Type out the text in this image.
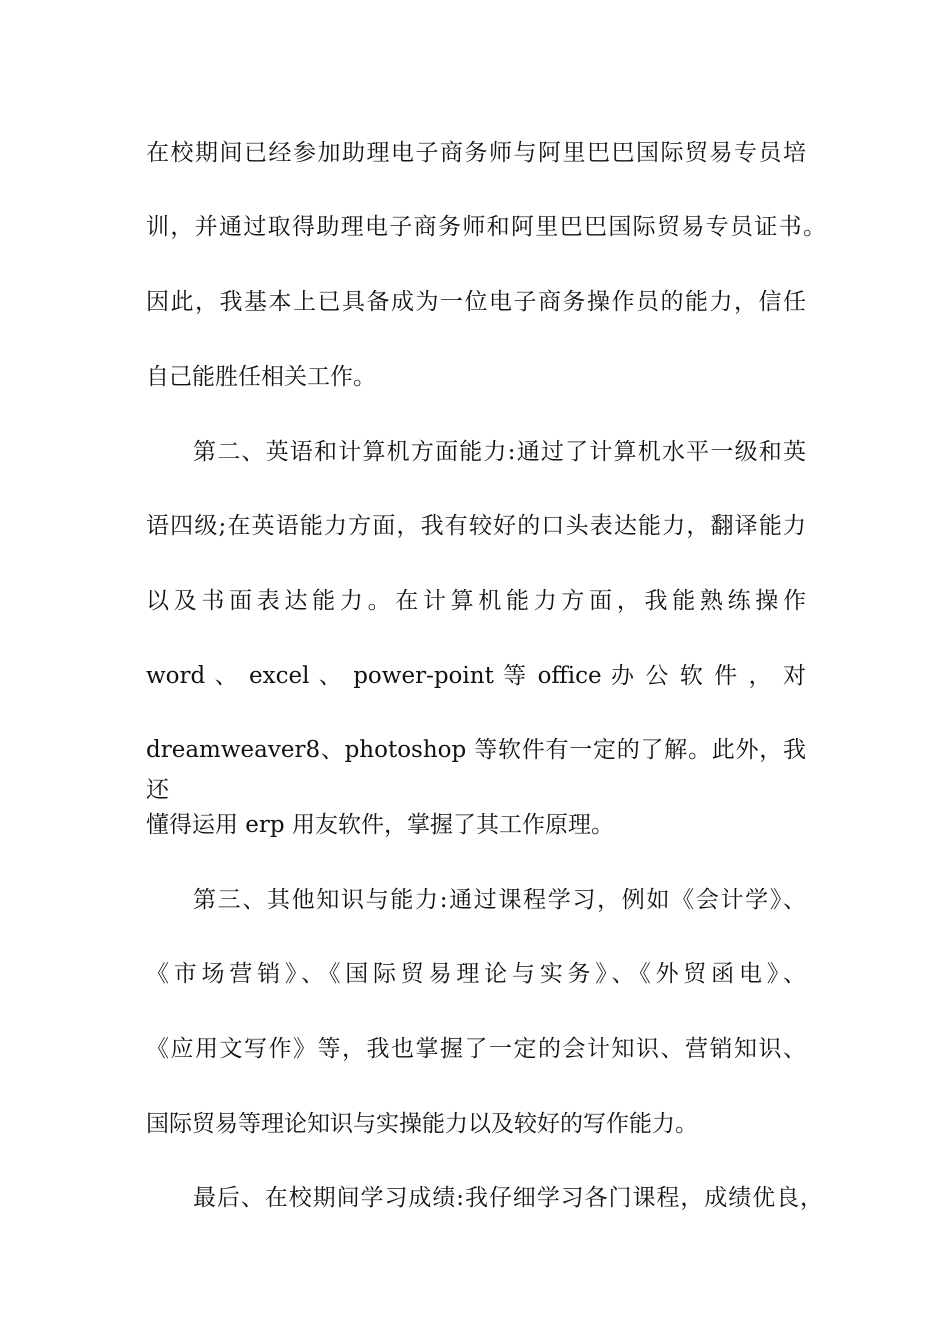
在校期间已经参加助理电子商务师与阿里巴巴国际贸易专员培
训，并通过取得助理电子商务师和阿里巴巴国际贸易专员证书。
因此，我基本上已具备成为一位电子商务操作员的能力，信任
自己能胜任相关工作。
第二、英语和计算机方面能力:通过了计算机水平一级和英
语四级;在英语能力方面，我有较好的口头表达能力，翻译能力
以及书面表达能力。在计算机能力方面，我能熟练操作
word 、 excel 、 power-point 等 office 办 公 软 件 ， 对
dreamweaver8、photoshop 等软件有一定的了解。此外，我还
懂得运用 erp 用友软件，掌握了其工作原理。
第三、其他知识与能力:通过课程学习，例如《会计学》、
《市场营销》、《国际贸易理论与实务》、《外贸函电》、
《应用文写作》等，我也掌握了一定的会计知识、营销知识、
国际贸易等理论知识与实操能力以及较好的写作能力。
最后、在校期间学习成绩:我仔细学习各门课程，成绩优良，
